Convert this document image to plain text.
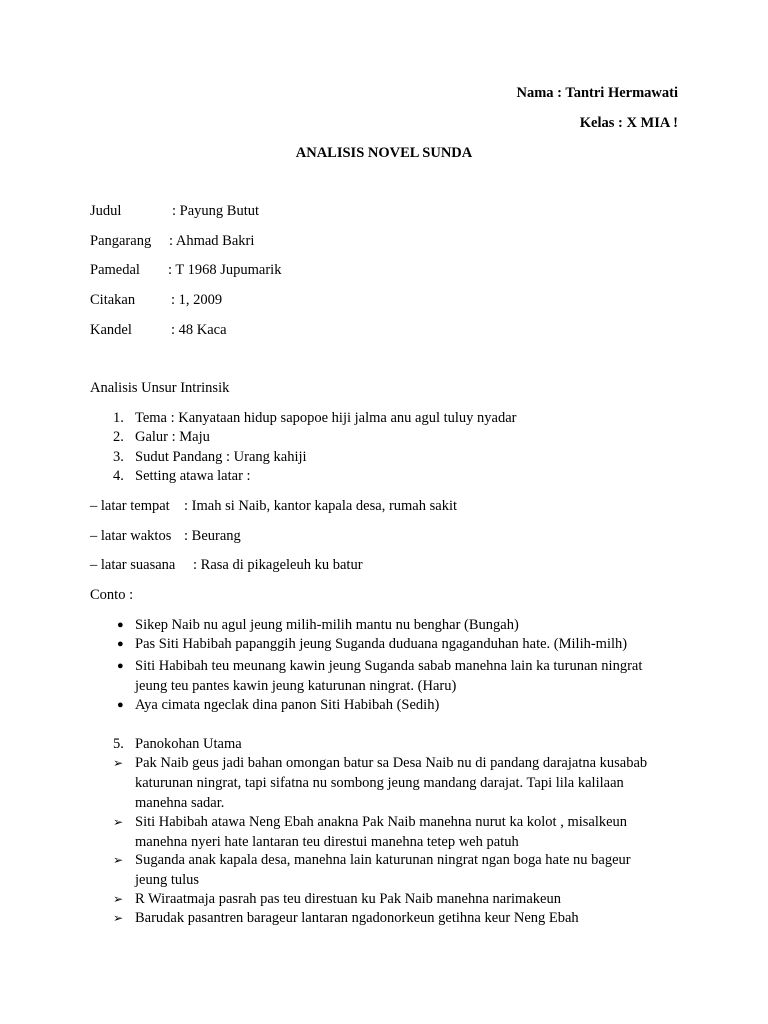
Nama : Tantri Hermawati
Kelas : X MIA !
ANALISIS NOVEL SUNDA
Judul	: Payung Butut
Pangarang : Ahmad Bakri
Pamedal : T 1968 Jupumarik
Citakan : 1, 2009
Kandel	: 48 Kaca
Analisis Unsur Intrinsik
1. Tema : Kanyataan hidup sapopoe hiji jalma anu agul tuluy nyadar
2. Galur : Maju
3. Sudut Pandang : Urang kahiji
4. Setting atawa latar :
– latar tempat : Imah si Naib, kantor kapala desa, rumah sakit
– latar waktos : Beurang
– latar suasana : Rasa di pikageleuh ku batur
Conto :
● Sikep Naib nu agul jeung milih-milih mantu nu benghar (Bungah)
● Pas Siti Habibah papanggih jeung Suganda duduana ngaganduhan hate. (Milih-milh)
● Siti Habibah teu meunang kawin jeung Suganda sabab manehna lain ka turunan ningrat
jeung teu pantes kawin jeung katurunan ningrat. (Haru)
● Aya cimata ngeclak dina panon Siti Habibah (Sedih)
5. Panokohan Utama
➢ Pak Naib geus jadi bahan omongan batur sa Desa Naib nu di pandang darajatna kusabab
katurunan ningrat, tapi sifatna nu sombong jeung mandang darajat. Tapi lila kalilaan
manehna sadar.
➢ Siti Habibah atawa Neng Ebah anakna Pak Naib manehna nurut ka kolot , misalkeun
manehna nyeri hate lantaran teu direstui manehna tetep weh patuh
➢ Suganda anak kapala desa, manehna lain katurunan ningrat ngan boga hate nu bageur
jeung tulus
➢ R Wiraatmaja pasrah pas teu direstuan ku Pak Naib manehna narimakeun
➢ Barudak pasantren barageur lantaran ngadonorkeun getihna keur Neng Ebah
